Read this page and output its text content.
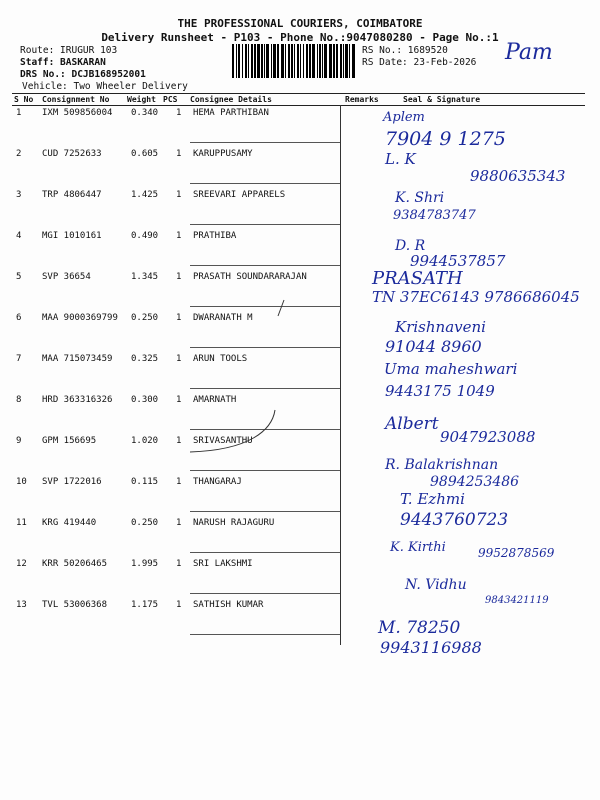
THE PROFESSIONAL COURIERS, COIMBATORE
Delivery Runsheet - P103 - Phone No.:9047080280 - Page No.:1
Route: IRUGUR 103
Staff: BASKARAN
DRS No.: DCJB168952001
Vehicle: Two Wheeler Delivery
RS No.: 1689520
RS Date: 23-Feb-2026 Pam
S No Consignment No Weight PCS Consignee Details	Remarks	Seal & Signature
1 IXM 509856004 0.340 1 HEMA PARTHIBAN
2 CUD 7252633	0.605 1 KARUPPUSAMY
3 TRP 4806447	1.425 1 SREEVARI APPARELS
4 MGI 1010161	0.490 1 PRATHIBA
5 SVP 36654	1.345 1 PRASATH SOUNDARARAJAN
6 MAA 9000369799 0.250 1 DWARANATH M
7 MAA 715073459 0.325 1 ARUN TOOLS
8 HRD 363316326 0.300 1 AMARNATH
9 GPM 156695	1.020 1 SRIVASANTHU
10 SVP 1722016	0.115 1 THANGARAJ
11 KRG 419440	0.250 1 NARUSH RAJAGURU
12 KRR 50206465	1.995 1 SRI LAKSHMI
13 TVL 53006368	1.175 1 SATHISH KUMAR
Aplem
7904 9 1275
L. K
9880635343
K. Shri
9384783747
D. R
9944537857
PRASATH
TN 37EC6143 9786686045
Krishnaveni
91044 8960
Uma maheshwari
9443175 1049
Albert
9047923088
R. Balakrishnan
9894253486
T. Ezhmi
9443760723
K. Kirthi	9952878569
N. Vidhu
9843421119
M. 78250
9943116988
